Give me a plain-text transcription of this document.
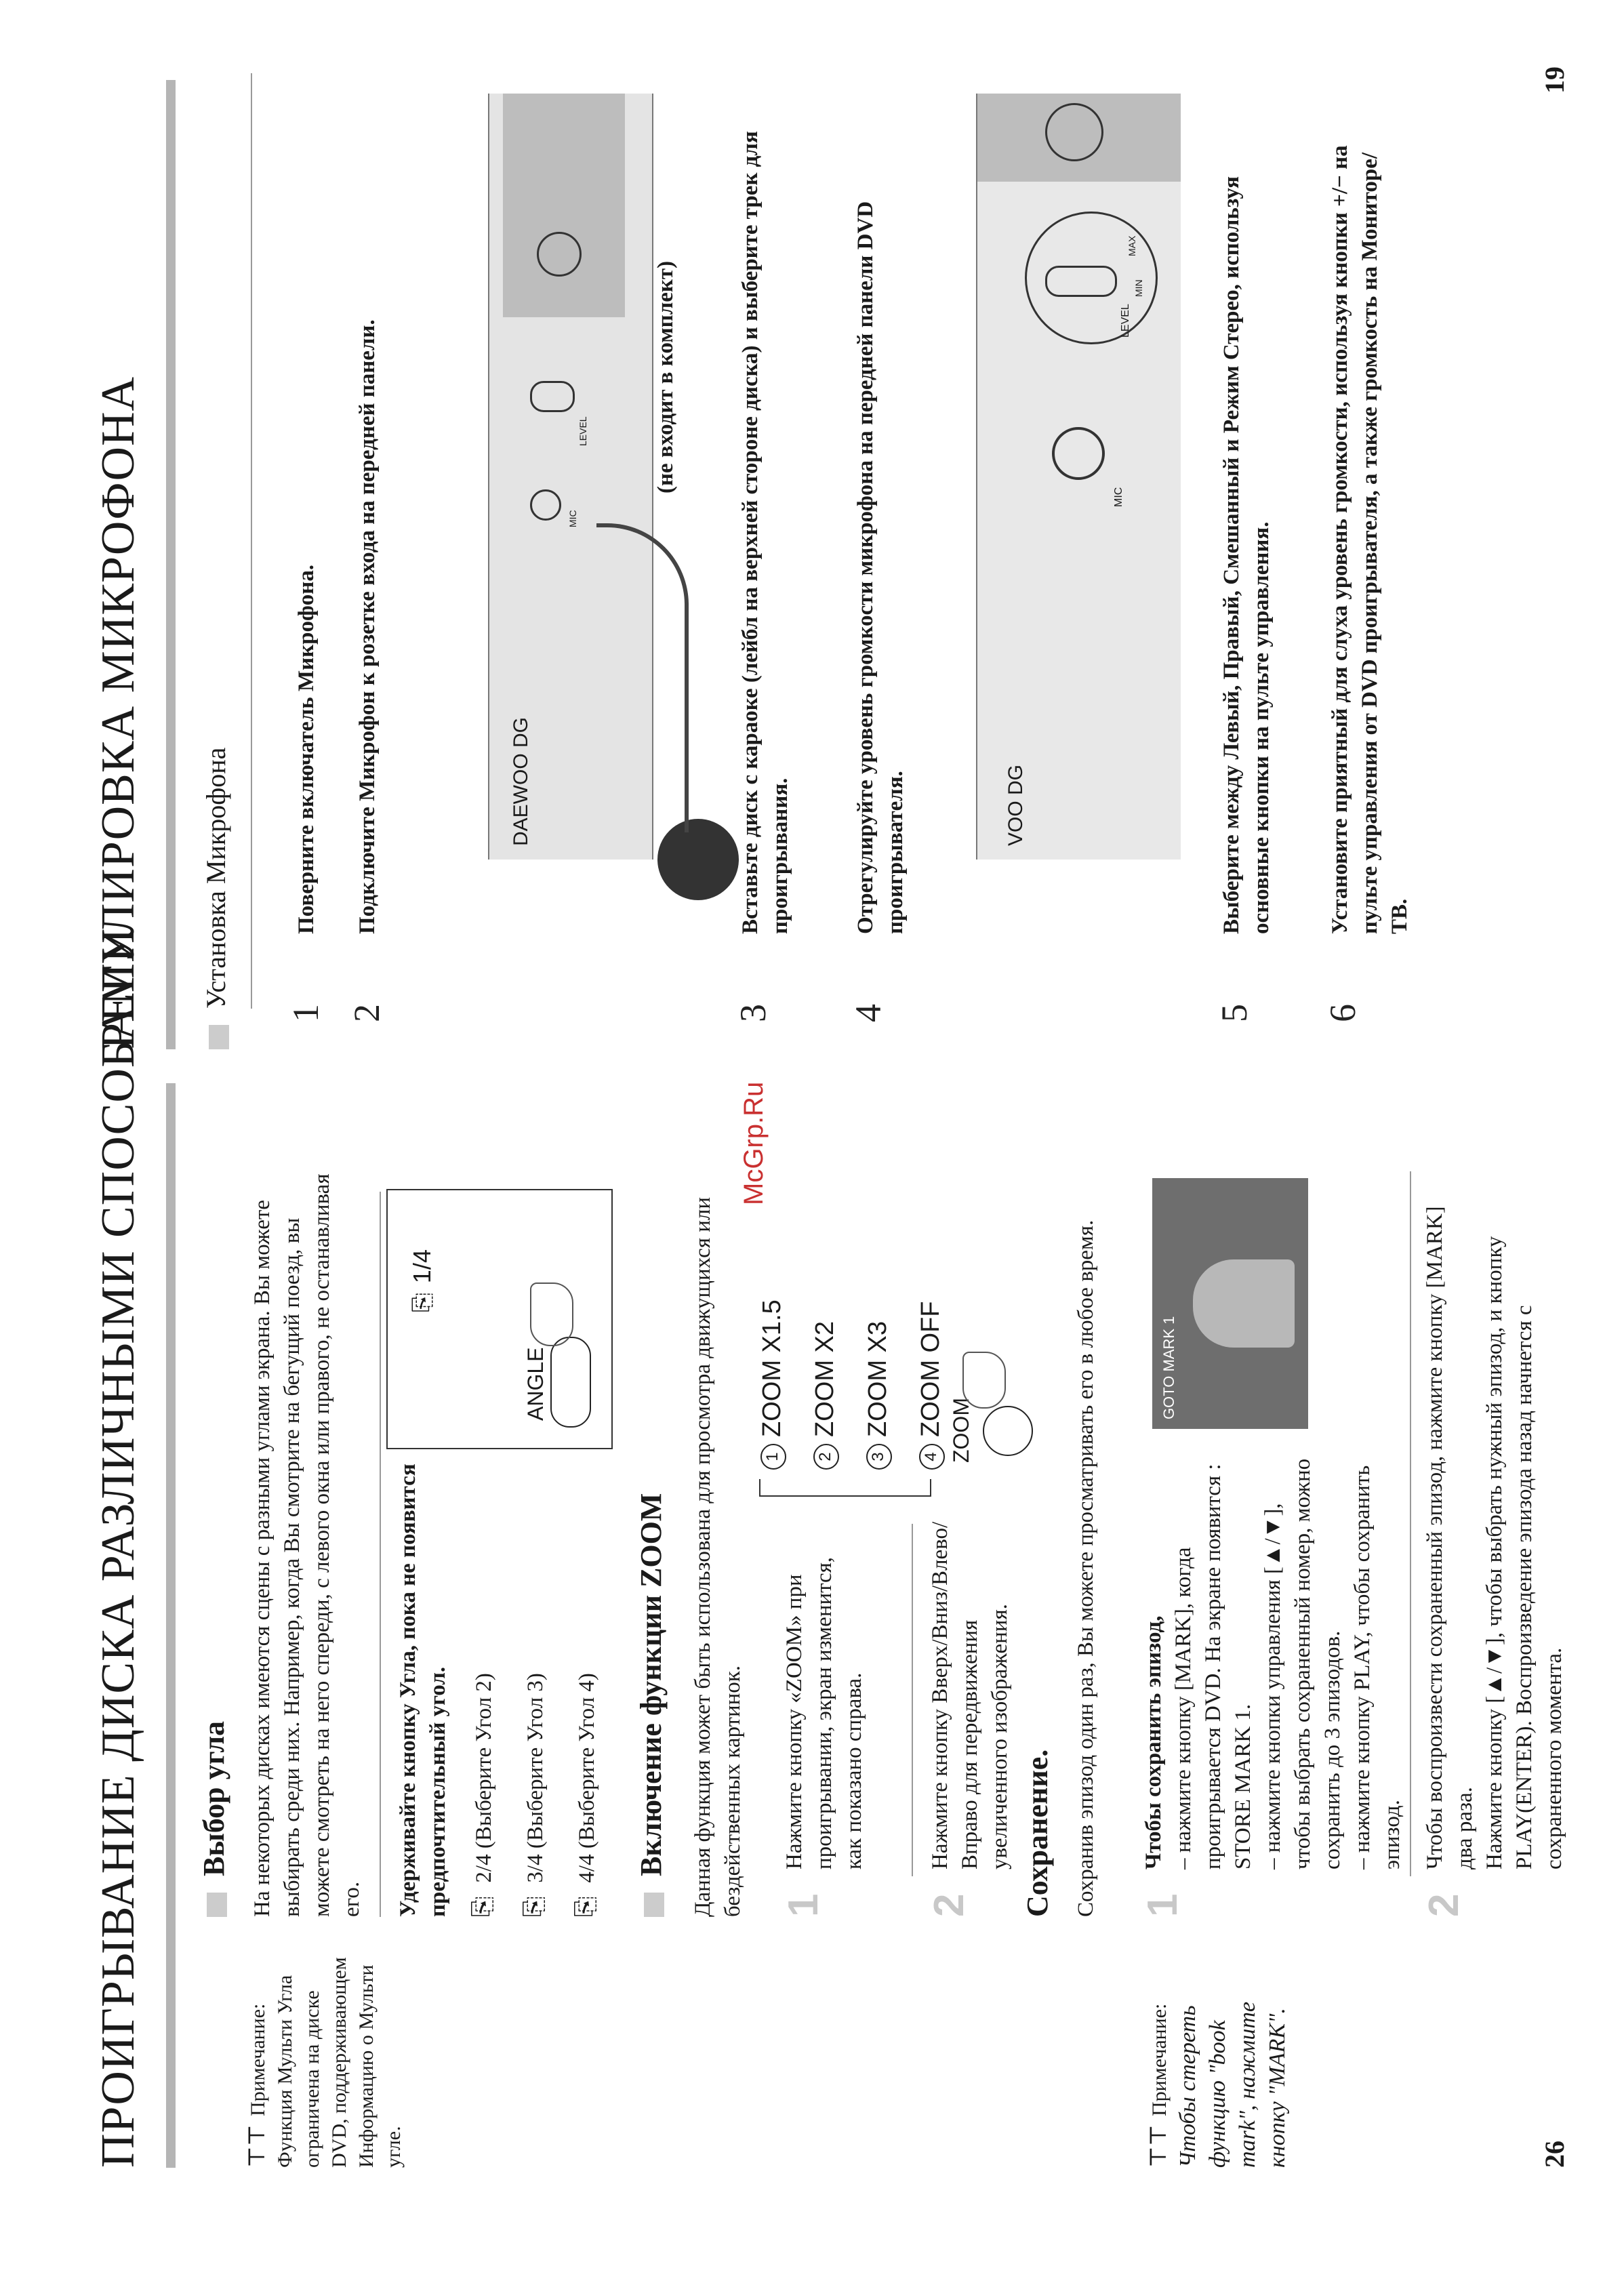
ПРОИГРЫВАНИЕ ДИСКА РАЗЛИЧНЫМИ СПОСОБАМИ	⊤⊤Примечание: Функция Мульти Угла ограничена на диске DVD, поддерживающем Информацию о Мульти угле.
Выбор угла На некоторых дисках имеются сцены с разными углами экрана. Вы можете выбирать среди них. Например, когда Вы смотрите на бегущий поезд, вы можете смотреть на него спереди, с левого окна или правого, не останавливая его. Удерживайте кнопку Угла, пока не появится предпочтительный угол. ⎘2/4 (Выберите Угол 2)
⎘3/4 (Выберите Угол 3)
⎘4/4 (Выберите Угол 4)
⎘1/4
ANGLE
Включение функции ZOOM Данная функция может быть использована для просмотра движущихся или бездейственных картинок. 1
Нажмите кнопку «ZOOM» при проигрывании, экран изменится, как показано справа.
2
Нажмите кнопку Вверх/Вниз/Влево/Вправо для передвижения увеличенного изображения.
1ZOOM X1.5
2ZOOM X2
3ZOOM X3
4ZOOM OFF ZOOM
Сохранение. Сохранив эпизод один раз, Вы можете просматривать его в любое время. 1
Чтобы сохранить эпизод, – нажмите кнопку [MARK], когда проигрывается DVD. На экране появится : STORE MARK 1. – нажмите кнопки управления [▲/▼], чтобы выбрать сохраненный номер, можно сохранить до 3 эпизодов. – нажмите кнопку PLAY, чтобы сохранить эпизод.
GOTO MARK 1
2
Чтобы воспроизвести сохраненный эпизод, нажмите кнопку [MARK] два раза. Нажмите кнопку [▲/▼], чтобы выбрать нужный эпизод, и кнопку PLAY(ENTER). Воспроизведение эпизода назад начнется с сохраненного момента.
⊤⊤Примечание: Чтобы стереть функцию "book mark", нажмите кнопку "MARK".	26
McGrp.Ru
РЕГУЛИРОВКА МИКРОФОНА Установка Микрофона
1
Поверните включатель Микрофона.
2
Подключите Микрофон к розетке входа на передней панели.	DAEWOO DG
MIC
LEVEL	(не входит в комплект)
3
Вставьте диск с караоке (лейбл на верхней стороне диска) и выберите трек для проигрывания.
4
Отрегулируйте уровень громкости микрофона на передней панели DVD проигрывателя.	VOO DG
MIC
LEVEL
MIN
MAX
5
Выберите между Левый, Правый, Смешанный и Режим Стерео, используя основные кнопки на пульте управления.
6
Установите приятный для слуха уровень громкости, используя кнопки +/− на пульте управления от DVD проигрывателя, а также громкость на Мониторе/ТВ.
19
